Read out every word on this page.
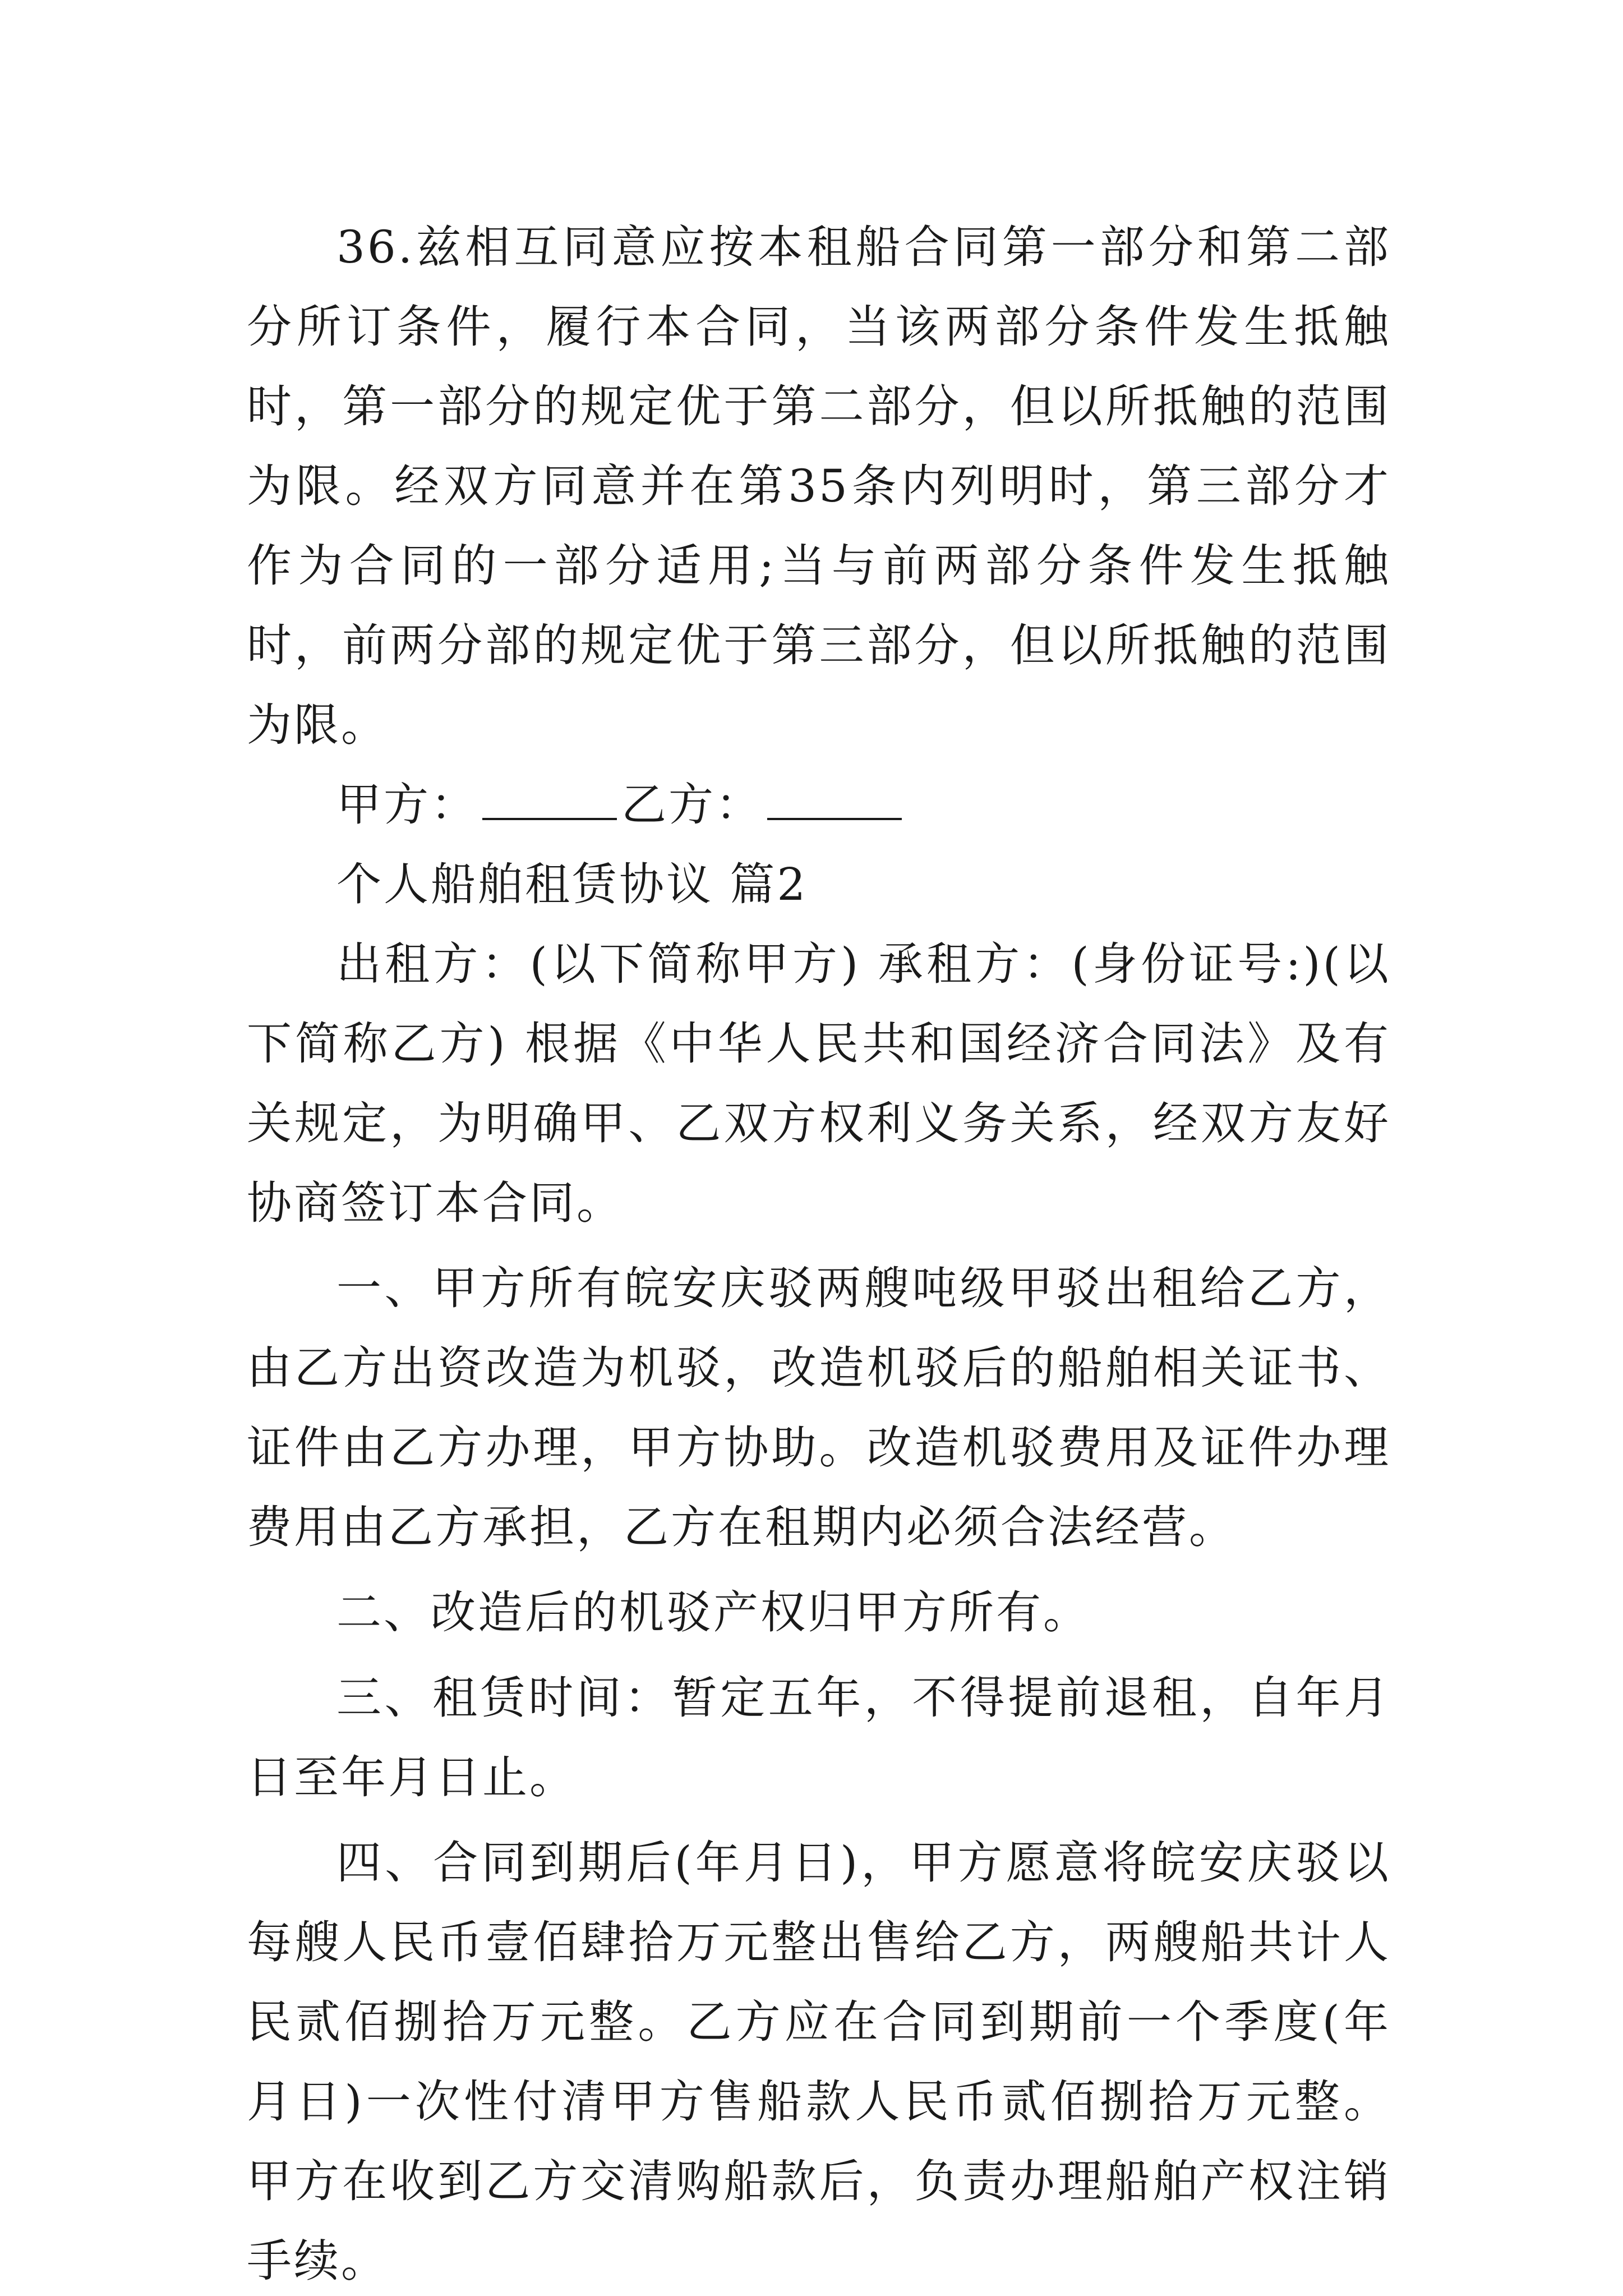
36.兹相互同意应按本租船合同第一部分和第二部分所订条件，履行本合同，当该两部分条件发生抵触时，第一部分的规定优于第二部分，但以所抵触的范围为限。经双方同意并在第35条内列明时，第三部分才作为合同的一部分适用;当与前两部分条件发生抵触时，前两分部的规定优于第三部分，但以所抵触的范围为限。

甲方：	乙方：

个人船舶租赁协议 篇2

出租方：(以下简称甲方) 承租方：(身份证号:)(以下简称乙方) 根据《中华人民共和国经济合同法》及有关规定，为明确甲、乙双方权利义务关系，经双方友好协商签订本合同。

一、甲方所有皖安庆驳两艘吨级甲驳出租给乙方，由乙方出资改造为机驳，改造机驳后的船舶相关证书、证件由乙方办理，甲方协助。改造机驳费用及证件办理费用由乙方承担，乙方在租期内必须合法经营。

二、改造后的机驳产权归甲方所有。

三、租赁时间：暂定五年，不得提前退租，自年月日至年月日止。

四、合同到期后(年月日)，甲方愿意将皖安庆驳以每艘人民币壹佰肆拾万元整出售给乙方，两艘船共计人民贰佰捌拾万元整。乙方应在合同到期前一个季度(年月日)一次性付清甲方售船款人民币贰佰捌拾万元整。甲方在收到乙方交清购船款后，负责办理船舶产权注销手续。
